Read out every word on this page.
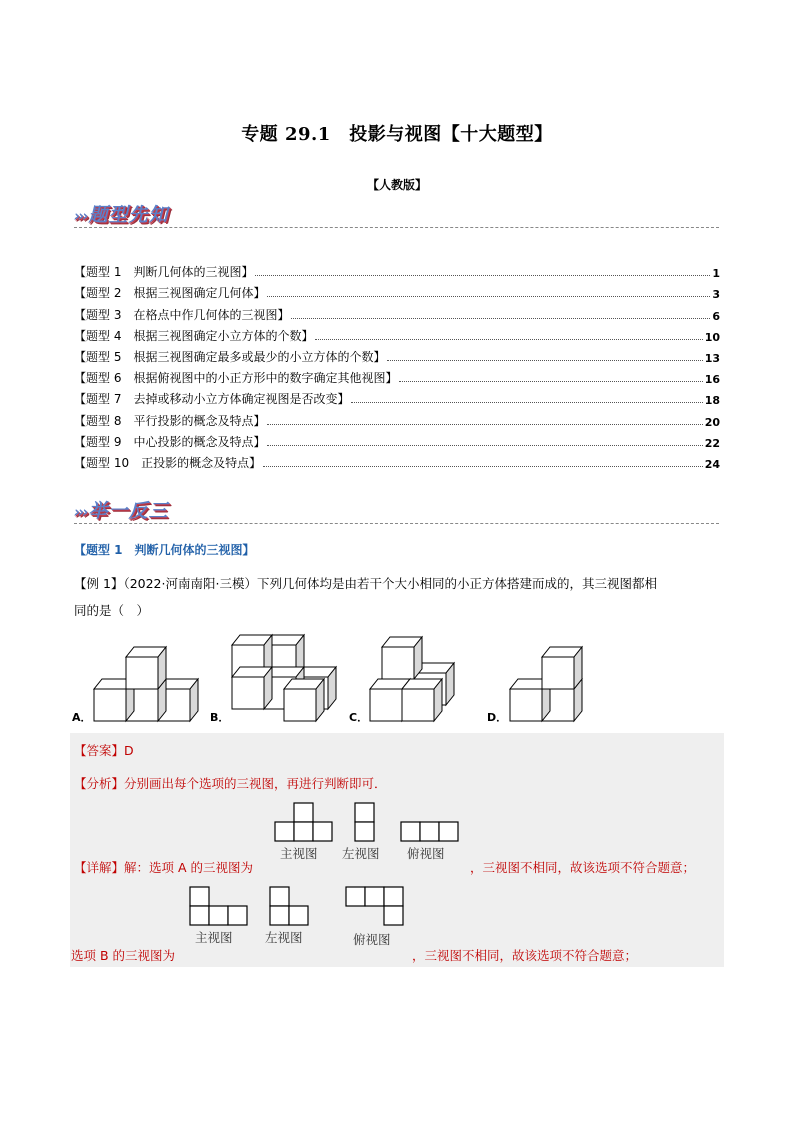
专题 29.1　投影与视图【十大题型】
【人教版】
››› 题型先知
【题型 1　判断几何体的三视图】	1
【题型 2　根据三视图确定几何体】	3
【题型 3　在格点中作几何体的三视图】	6
【题型 4　根据三视图确定小立方体的个数】	10
【题型 5　根据三视图确定最多或最少的小立方体的个数】	13
【题型 6　根据俯视图中的小正方形中的数字确定其他视图】	16
【题型 7　去掉或移动小立方体确定视图是否改变】	18
【题型 8　平行投影的概念及特点】	20
【题型 9　中心投影的概念及特点】	22
【题型 10　正投影的概念及特点】	24
››› 举一反三
【题型 1　判断几何体的三视图】
【例 1】（2022·河南南阳·三模）下列几何体均是由若干个大小相同的小正方体搭建而成的，其三视图都相
同的是（　）
A．	B．	C．	D．
【答案】D
【分析】分别画出每个选项的三视图，再进行判断即可．
主视图 左视图 俯视图
【详解】解：选项 A 的三视图为	，三视图不相同，故该选项不符合题意；
主视图	左视图	俯视图
选项 B 的三视图为	，三视图不相同，故该选项不符合题意；
